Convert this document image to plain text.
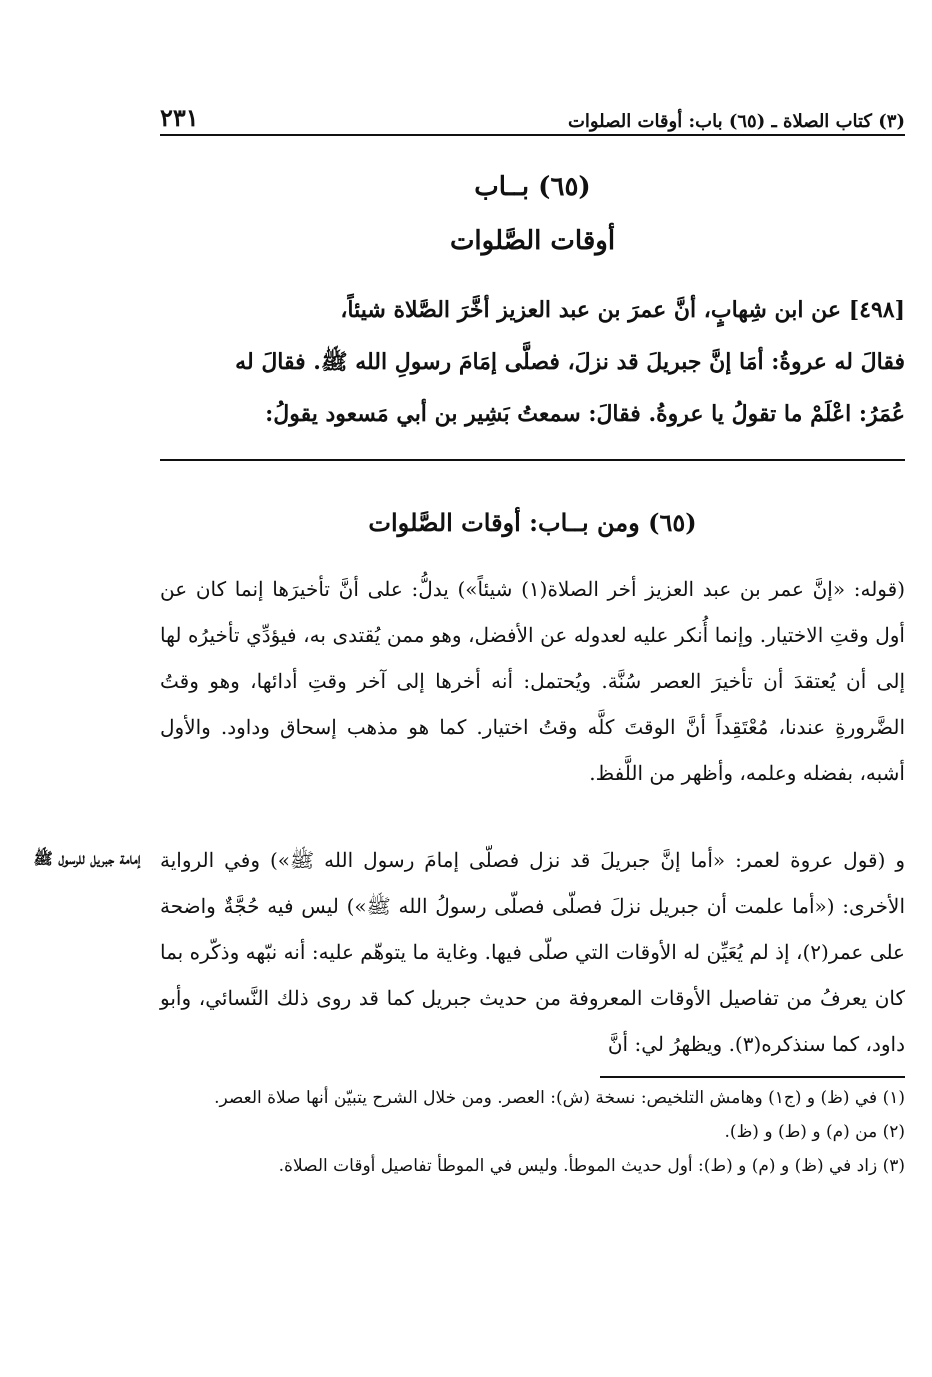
٢٣١	(٣) كتاب الصلاة ـ (٦٥) باب: أوقات الصلوات
(٦٥) بــاب
أوقات الصَّلوات

[٤٩٨] عن ابن شِهابٍ، أنَّ عمرَ بن عبد العزيز أخَّرَ الصَّلاة شيئاً،

فقالَ له عروةُ: أمَا إنَّ جبريلَ قد نزلَ، فصلَّى إمَامَ رسولِ الله ﷺ. فقالَ له

عُمَرُ: اعْلَمْ ما تقولُ يا عروةُ. فقالَ: سمعتُ بَشِير بن أبي مَسعود يقولُ:

(٦٥) ومن بــاب: أوقات الصَّلوات

(قوله: «إنَّ عمر بن عبد العزيز أخر الصلاة(١) شيئاً») يدلُّ: على أنَّ تأخيرَها إنما كان عن أول وقتِ الاختيار. وإنما أُنكر عليه لعدوله عن الأفضل، وهو ممن يُقتدى به، فيؤدِّي تأخيرُه لها إلى أن يُعتقدَ أن تأخيرَ العصر سُنَّة. ويُحتمل: أنه أخرها إلى آخر وقتِ أدائها، وهو وقتُ الضَّرورةِ عندنا، مُعْتَقِداً أنَّ الوقتَ كلَّه وقتُ اختيار. كما هو مذهب إسحاق وداود. والأول أشبه، بفضله وعلمه، وأظهر من اللَّفظ.

و (قول عروة لعمر: «أما إنَّ جبريلَ قد نزل فصلّى إمامَ رسول الله ﷺ») وفي الرواية الأخرى: («أما علمت أن جبريل نزلَ فصلّى فصلّى رسولُ الله ﷺ») ليس فيه حُجَّةٌ واضحة على عمر(٢)، إذ لم يُعَيِّن له الأوقات التي صلّى فيها. وغاية ما يتوهّم عليه: أنه نبّهه وذكّره بما كان يعرفُ من تفاصيل الأوقات المعروفة من حديث جبريل كما قد روى ذلك النَّسائي، وأبو داود، كما سنذكره(٣). ويظهرُ لي: أنَّ

إمامة جبريل للرسول ﷺ

(١) في (ظ) و (ج١) وهامش التلخيص: نسخة (ش): العصر. ومن خلال الشرح يتبيّن أنها صلاة العصر.

(٢) من (م) و (ط) و (ظ).

(٣) زاد في (ظ) و (م) و (ط): أول حديث الموطأ. وليس في الموطأ تفاصيل أوقات الصلاة.
